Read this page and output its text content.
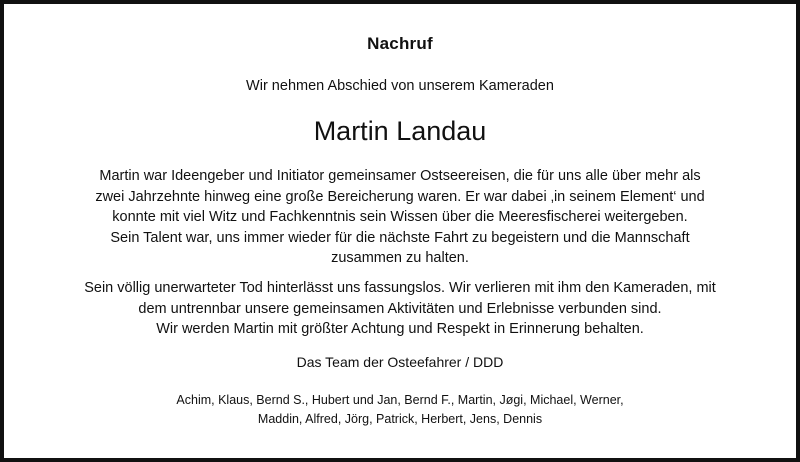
Nachruf
Wir nehmen Abschied von unserem Kameraden
Martin Landau
Martin war Ideengeber und Initiator gemeinsamer Ostseereisen, die für uns alle über mehr als
zwei Jahrzehnte hinweg eine große Bereicherung waren. Er war dabei ‚in seinem Element‘ und
konnte mit viel Witz und Fachkenntnis sein Wissen über die Meeresfischerei weitergeben.
Sein Talent war, uns immer wieder für die nächste Fahrt zu begeistern und die Mannschaft
zusammen zu halten.
Sein völlig unerwarteter Tod hinterlässt uns fassungslos. Wir verlieren mit ihm den Kameraden, mit
dem untrennbar unsere gemeinsamen Aktivitäten und Erlebnisse verbunden sind.
Wir werden Martin mit größter Achtung und Respekt in Erinnerung behalten.
Das Team der Osteefahrer / DDD
Achim, Klaus, Bernd S., Hubert und Jan, Bernd F., Martin, Jøgi, Michael, Werner,
Maddin, Alfred, Jörg, Patrick, Herbert, Jens, Dennis
